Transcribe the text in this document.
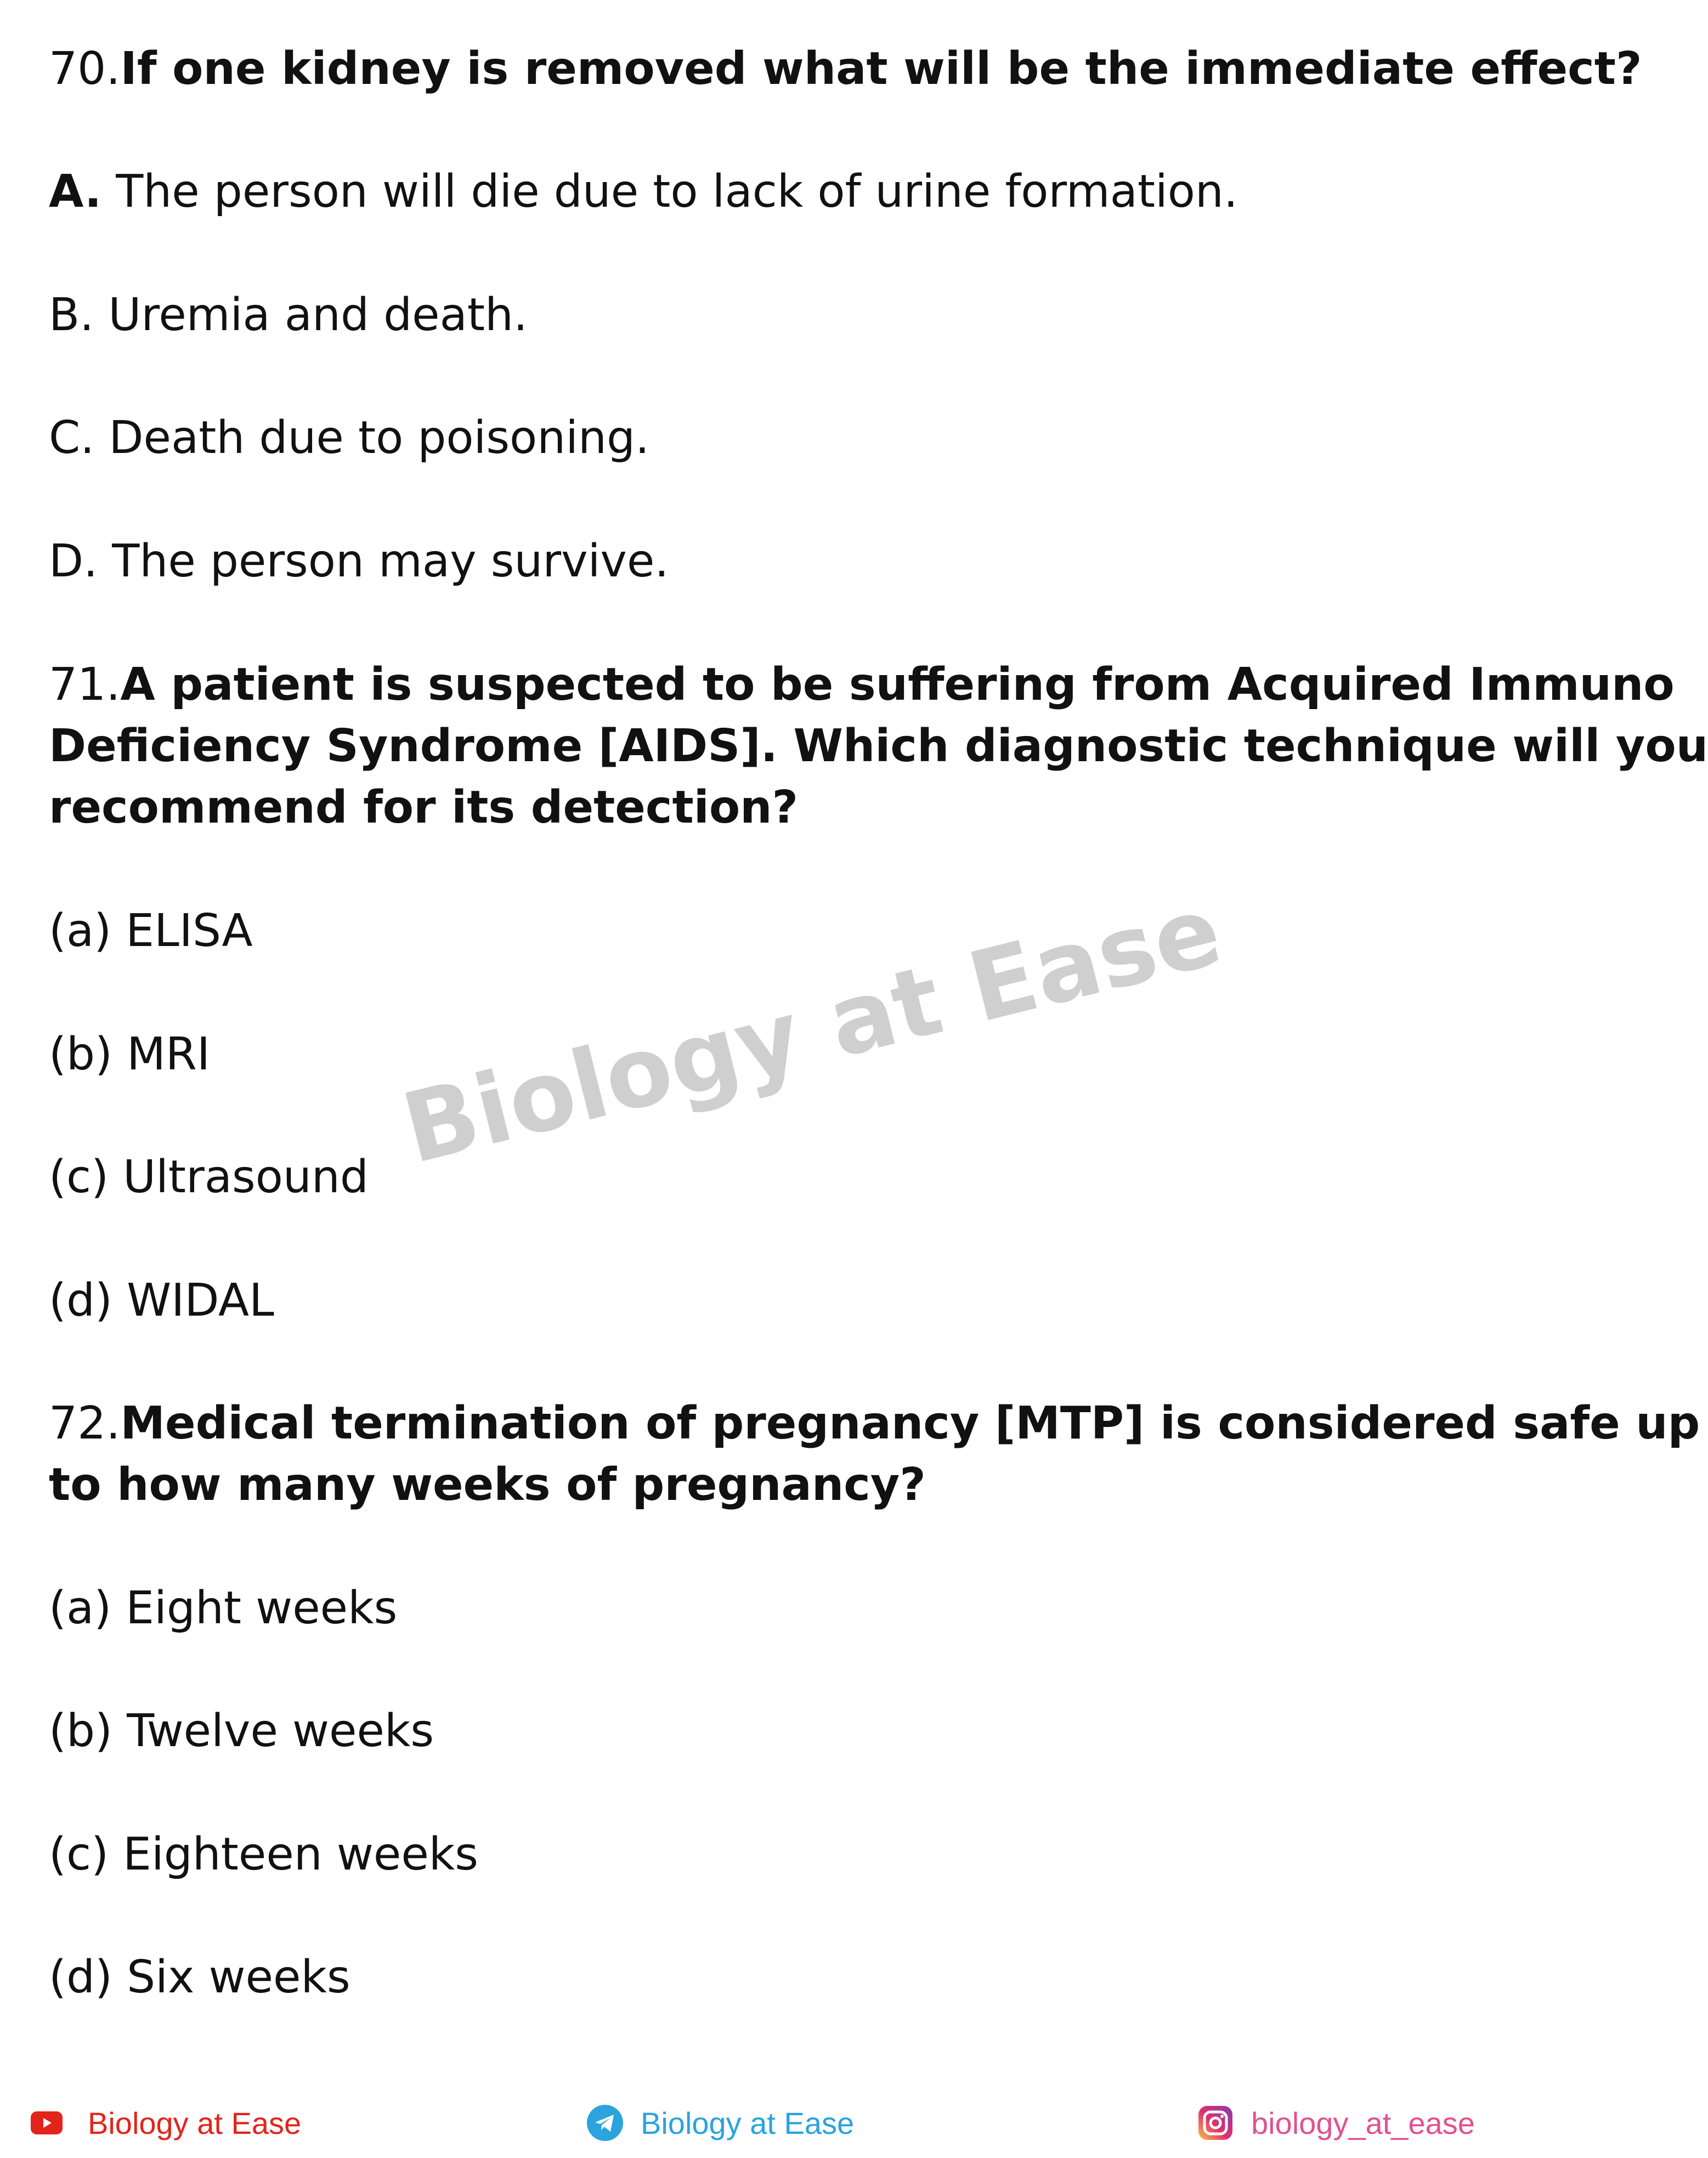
70.If one kidney is removed what will be the immediate effect?
A. The person will die due to lack of urine formation.
B. Uremia and death.
C. Death due to poisoning.
D. The person may survive.
71.A patient is suspected to be suffering from Acquired Immuno
Deficiency Syndrome [AIDS]. Which diagnostic technique will you
recommend for its detection?
(a) ELISA
(b) MRI
(c) Ultrasound
(d) WIDAL
72.Medical termination of pregnancy [MTP] is considered safe up
to how many weeks of pregnancy?
(a) Eight weeks
(b) Twelve weeks
(c) Eighteen weeks
(d) Six weeks
Biology at Ease
Biology at Ease	Biology at Ease	biology_at_ease
